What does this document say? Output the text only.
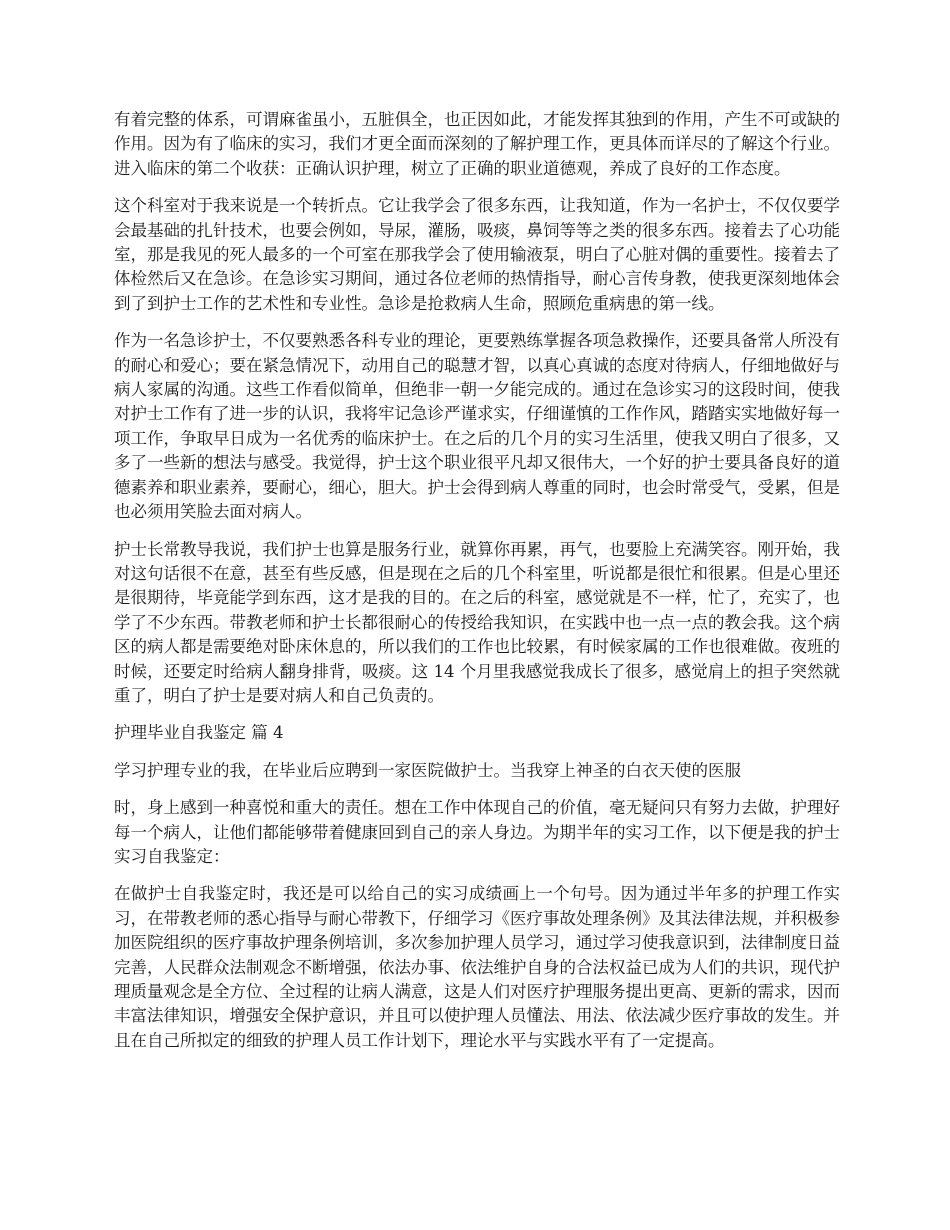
有着完整的体系，可谓麻雀虽小，五脏俱全，也正因如此，才能发挥其独到的作用，产生不可或缺的作用。因为有了临床的实习，我们才更全面而深刻的了解护理工作，更具体而详尽的了解这个行业。进入临床的第二个收获：正确认识护理，树立了正确的职业道德观，养成了良好的工作态度。

这个科室对于我来说是一个转折点。它让我学会了很多东西，让我知道，作为一名护士，不仅仅要学会最基础的扎针技术，也要会例如，导尿，灌肠，吸痰，鼻饲等等之类的很多东西。接着去了心功能室，那是我见的死人最多的一个可室在那我学会了使用输液泵，明白了心脏对偶的重要性。接着去了体检然后又在急诊。在急诊实习期间，通过各位老师的热情指导，耐心言传身教，使我更深刻地体会到了到护士工作的艺术性和专业性。急诊是抢救病人生命，照顾危重病患的第一线。

作为一名急诊护士，不仅要熟悉各科专业的理论，更要熟练掌握各项急救操作，还要具备常人所没有的耐心和爱心；要在紧急情况下，动用自己的聪慧才智，以真心真诚的态度对待病人，仔细地做好与病人家属的沟通。这些工作看似简单，但绝非一朝一夕能完成的。通过在急诊实习的这段时间，使我对护士工作有了进一步的认识，我将牢记急诊严谨求实，仔细谨慎的工作作风，踏踏实实地做好每一项工作，争取早日成为一名优秀的临床护士。在之后的几个月的实习生活里，使我又明白了很多，又多了一些新的想法与感受。我觉得，护士这个职业很平凡却又很伟大，一个好的护士要具备良好的道德素养和职业素养，要耐心，细心，胆大。护士会得到病人尊重的同时，也会时常受气，受累，但是也必须用笑脸去面对病人。

护士长常教导我说，我们护士也算是服务行业，就算你再累，再气，也要脸上充满笑容。刚开始，我对这句话很不在意，甚至有些反感，但是现在之后的几个科室里，听说都是很忙和很累。但是心里还是很期待，毕竟能学到东西，这才是我的目的。在之后的科室，感觉就是不一样，忙了，充实了，也学了不少东西。带教老师和护士长都很耐心的传授给我知识，在实践中也一点一点的教会我。这个病区的病人都是需要绝对卧床休息的，所以我们的工作也比较累，有时候家属的工作也很难做。夜班的时候，还要定时给病人翻身排背，吸痰。这 14 个月里我感觉我成长了很多，感觉肩上的担子突然就重了，明白了护士是要对病人和自己负责的。

护理毕业自我鉴定 篇 4

学习护理专业的我，在毕业后应聘到一家医院做护士。当我穿上神圣的白衣天使的医服

时，身上感到一种喜悦和重大的责任。想在工作中体现自己的价值，毫无疑问只有努力去做，护理好每一个病人，让他们都能够带着健康回到自己的亲人身边。为期半年的实习工作，以下便是我的护士实习自我鉴定：

在做护士自我鉴定时，我还是可以给自己的实习成绩画上一个句号。因为通过半年多的护理工作实习，在带教老师的悉心指导与耐心带教下，仔细学习《医疗事故处理条例》及其法律法规，并积极参加医院组织的医疗事故护理条例培训，多次参加护理人员学习，通过学习使我意识到，法律制度日益完善，人民群众法制观念不断增强，依法办事、依法维护自身的合法权益已成为人们的共识，现代护理质量观念是全方位、全过程的让病人满意，这是人们对医疗护理服务提出更高、更新的需求，因而丰富法律知识，增强安全保护意识，并且可以使护理人员懂法、用法、依法减少医疗事故的发生。并且在自己所拟定的细致的护理人员工作计划下，理论水平与实践水平有了一定提高。
